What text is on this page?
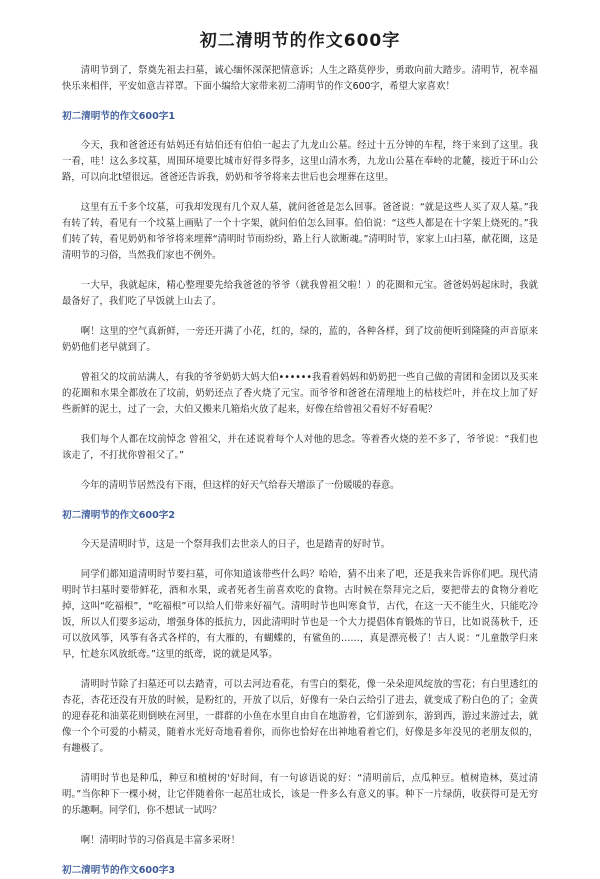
初二清明节的作文600字

清明节到了，祭奠先祖去扫墓，诚心缅怀深深把情意诉；人生之路莫停步，勇敢向前大踏步。清明节，祝幸福快乐来相伴，平安如意吉祥罩。下面小编给大家带来初二清明节的作文600字，希望大家喜欢！

初二清明节的作文600字1

今天，我和爸爸还有姑妈还有姑伯还有伯伯一起去了九龙山公墓。经过十五分钟的车程，终于来到了这里。我一看，哇！这么多坟墓，周围环境要比城市好得多得多，这里山清水秀，九龙山公墓在奉岭的北麓，接近于环山公路，可以向北t望很远。爸爸还告诉我，奶奶和爷爷将来去世后也会埋葬在这里。

这里有五千多个坟墓，可我却发现有几个双人墓，就问爸爸是怎么回事。爸爸说：“就是这些人买了双人墓。”我有转了转，看见有一个坟墓上画贴了一个十字架，就问伯伯怎么回事。伯伯说：“这些人都是在十字架上烧死的。”我们转了转，看见奶奶和爷爷将来埋葬“清明时节雨纷纷，路上行人欲断魂。”清明时节，家家上山扫墓，献花圈，这是清明节的习俗，当然我们家也不例外。

一大早，我就起床，精心整理要先给我爸爸的爷爷（就我曾祖父啦！）的花圈和元宝。爸爸妈妈起床时，我就最备好了，我们吃了早饭就上山去了。

啊！这里的空气真新鲜，一旁还开满了小花，红的，绿的，蓝的，各种各样，到了坟前便听到隆隆的声音原来奶奶他们老早就到了。

曾祖父的坟前站满人，有我的爷爷奶奶大妈大伯••••••我看着妈妈和奶奶把一些自己做的青团和金团以及买来的花圈和水果全都放在了坟前，奶奶还点了香火烧了元宝。而爷爷和爸爸在清理地上的枯枝烂叶，并在坟上加了好些新鲜的泥土，过了一会，大伯又搬来几箱焰火放了起来，好像在给曾祖父看好不好看呢？

我们每个人都在坟前悼念 曾祖父，并在述说着每个人对他的思念。等着香火烧的差不多了，爷爷说：“我们也该走了，不打扰你曾祖父了。”

今年的清明节居然没有下雨，但这样的好天气给春天增添了一份暖暖的春意。

初二清明节的作文600字2

今天是清明时节，这是一个祭拜我们去世亲人的日子，也是踏青的好时节。

同学们都知道清明时节要扫墓，可你知道该带些什么吗？哈哈，猜不出来了吧，还是我来告诉你们吧。现代清明时节扫墓时要带鲜花，酒和水果，或者死者生前喜欢吃的食物。古时候在祭拜完之后，要把带去的食物分着吃掉，这叫“吃福根”，“吃福根”可以给人们带来好福气。清明时节也叫寒食节，古代，在这一天不能生火，只能吃冷饭，所以人们要多运动，增强身体的抵抗力，因此清明时节也是一个大力提倡体育锻炼的节日，比如说荡秋千，还可以放风筝，风筝有各式各样的，有大雁的，有蝴蝶的，有鲨鱼的……，真是漂亮极了！古人说：“儿童散学归来早，忙趁东风放纸鸢。”这里的纸鸢，说的就是风筝。

清明时节除了扫墓还可以去踏青，可以去河边看花，有雪白的梨花，像一朵朵迎风绽放的雪花；有白里透红的杏花，杏花还没有开放的时候，是粉红的，开放了以后，好像有一朵白云给引了进去，就变成了粉白色的了；金黄的迎春花和油菜花则倒映在河里，一群群的小鱼在水里自由自在地游着，它们游到东，游到西，游过来游过去，就像一个个可爱的小精灵，随着水光好奇地看着你，而你也恰好在出神地看着它们，好像是多年没见的老朋友似的，有趣极了。

清明时节也是种瓜，种豆和植树的'好时间，有一句谚语说的好：“清明前后，点瓜种豆。植树造林，莫过清明。”当你种下一棵小树，让它伴随着你一起茁壮成长，该是一件多么有意义的事。种下一片绿荫，收获得可是无穷的乐趣啊。同学们，你不想试一试吗？

啊！清明时节的习俗真是丰富多采呀！

初二清明节的作文600字3
